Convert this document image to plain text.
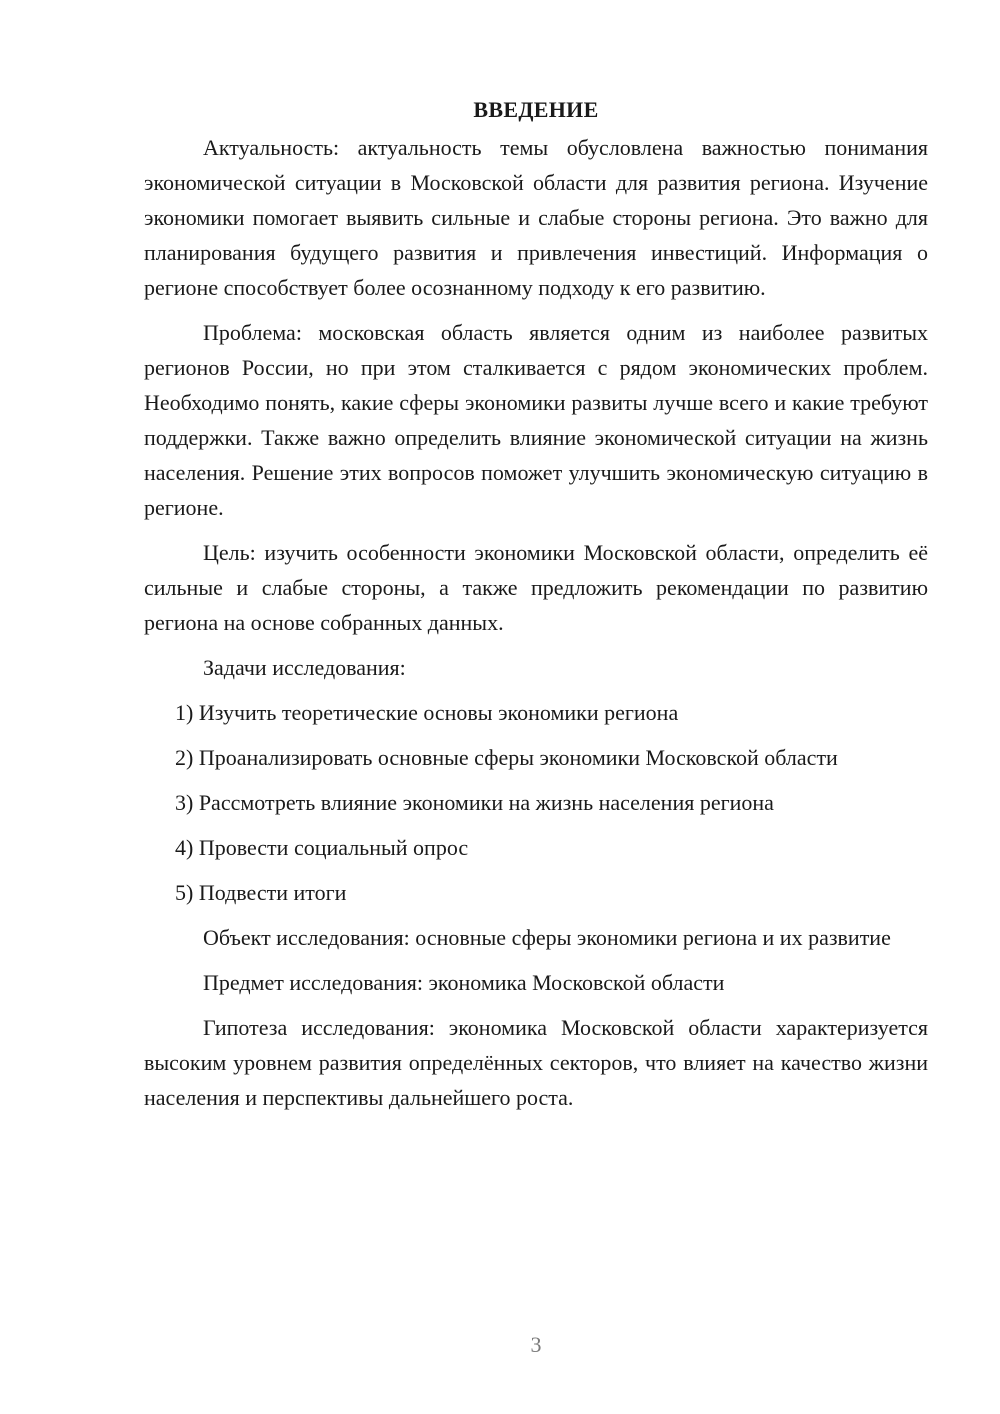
ВВЕДЕНИЕ

Актуальность: актуальность темы обусловлена важностью понимания экономической ситуации в Московской области для развития региона. Изучение экономики помогает выявить сильные и слабые стороны региона. Это важно для планирования будущего развития и привлечения инвестиций. Информация о регионе способствует более осознанному подходу к его развитию.

Проблема: московская область является одним из наиболее развитых регионов России, но при этом сталкивается с рядом экономических проблем. Необходимо понять, какие сферы экономики развиты лучше всего и какие требуют поддержки. Также важно определить влияние экономической ситуации на жизнь населения. Решение этих вопросов поможет улучшить экономическую ситуацию в регионе.

Цель: изучить особенности экономики Московской области, определить её сильные и слабые стороны, а также предложить рекомендации по развитию региона на основе собранных данных.

Задачи исследования:

1) Изучить теоретические основы экономики региона

2) Проанализировать основные сферы экономики Московской области

3) Рассмотреть влияние экономики на жизнь населения региона

4) Провести социальный опрос

5) Подвести итоги

Объект исследования: основные сферы экономики региона и их развитие

Предмет исследования: экономика Московской области

Гипотеза исследования: экономика Московской области характеризуется высоким уровнем развития определённых секторов, что влияет на качество жизни населения и перспективы дальнейшего роста.

3
